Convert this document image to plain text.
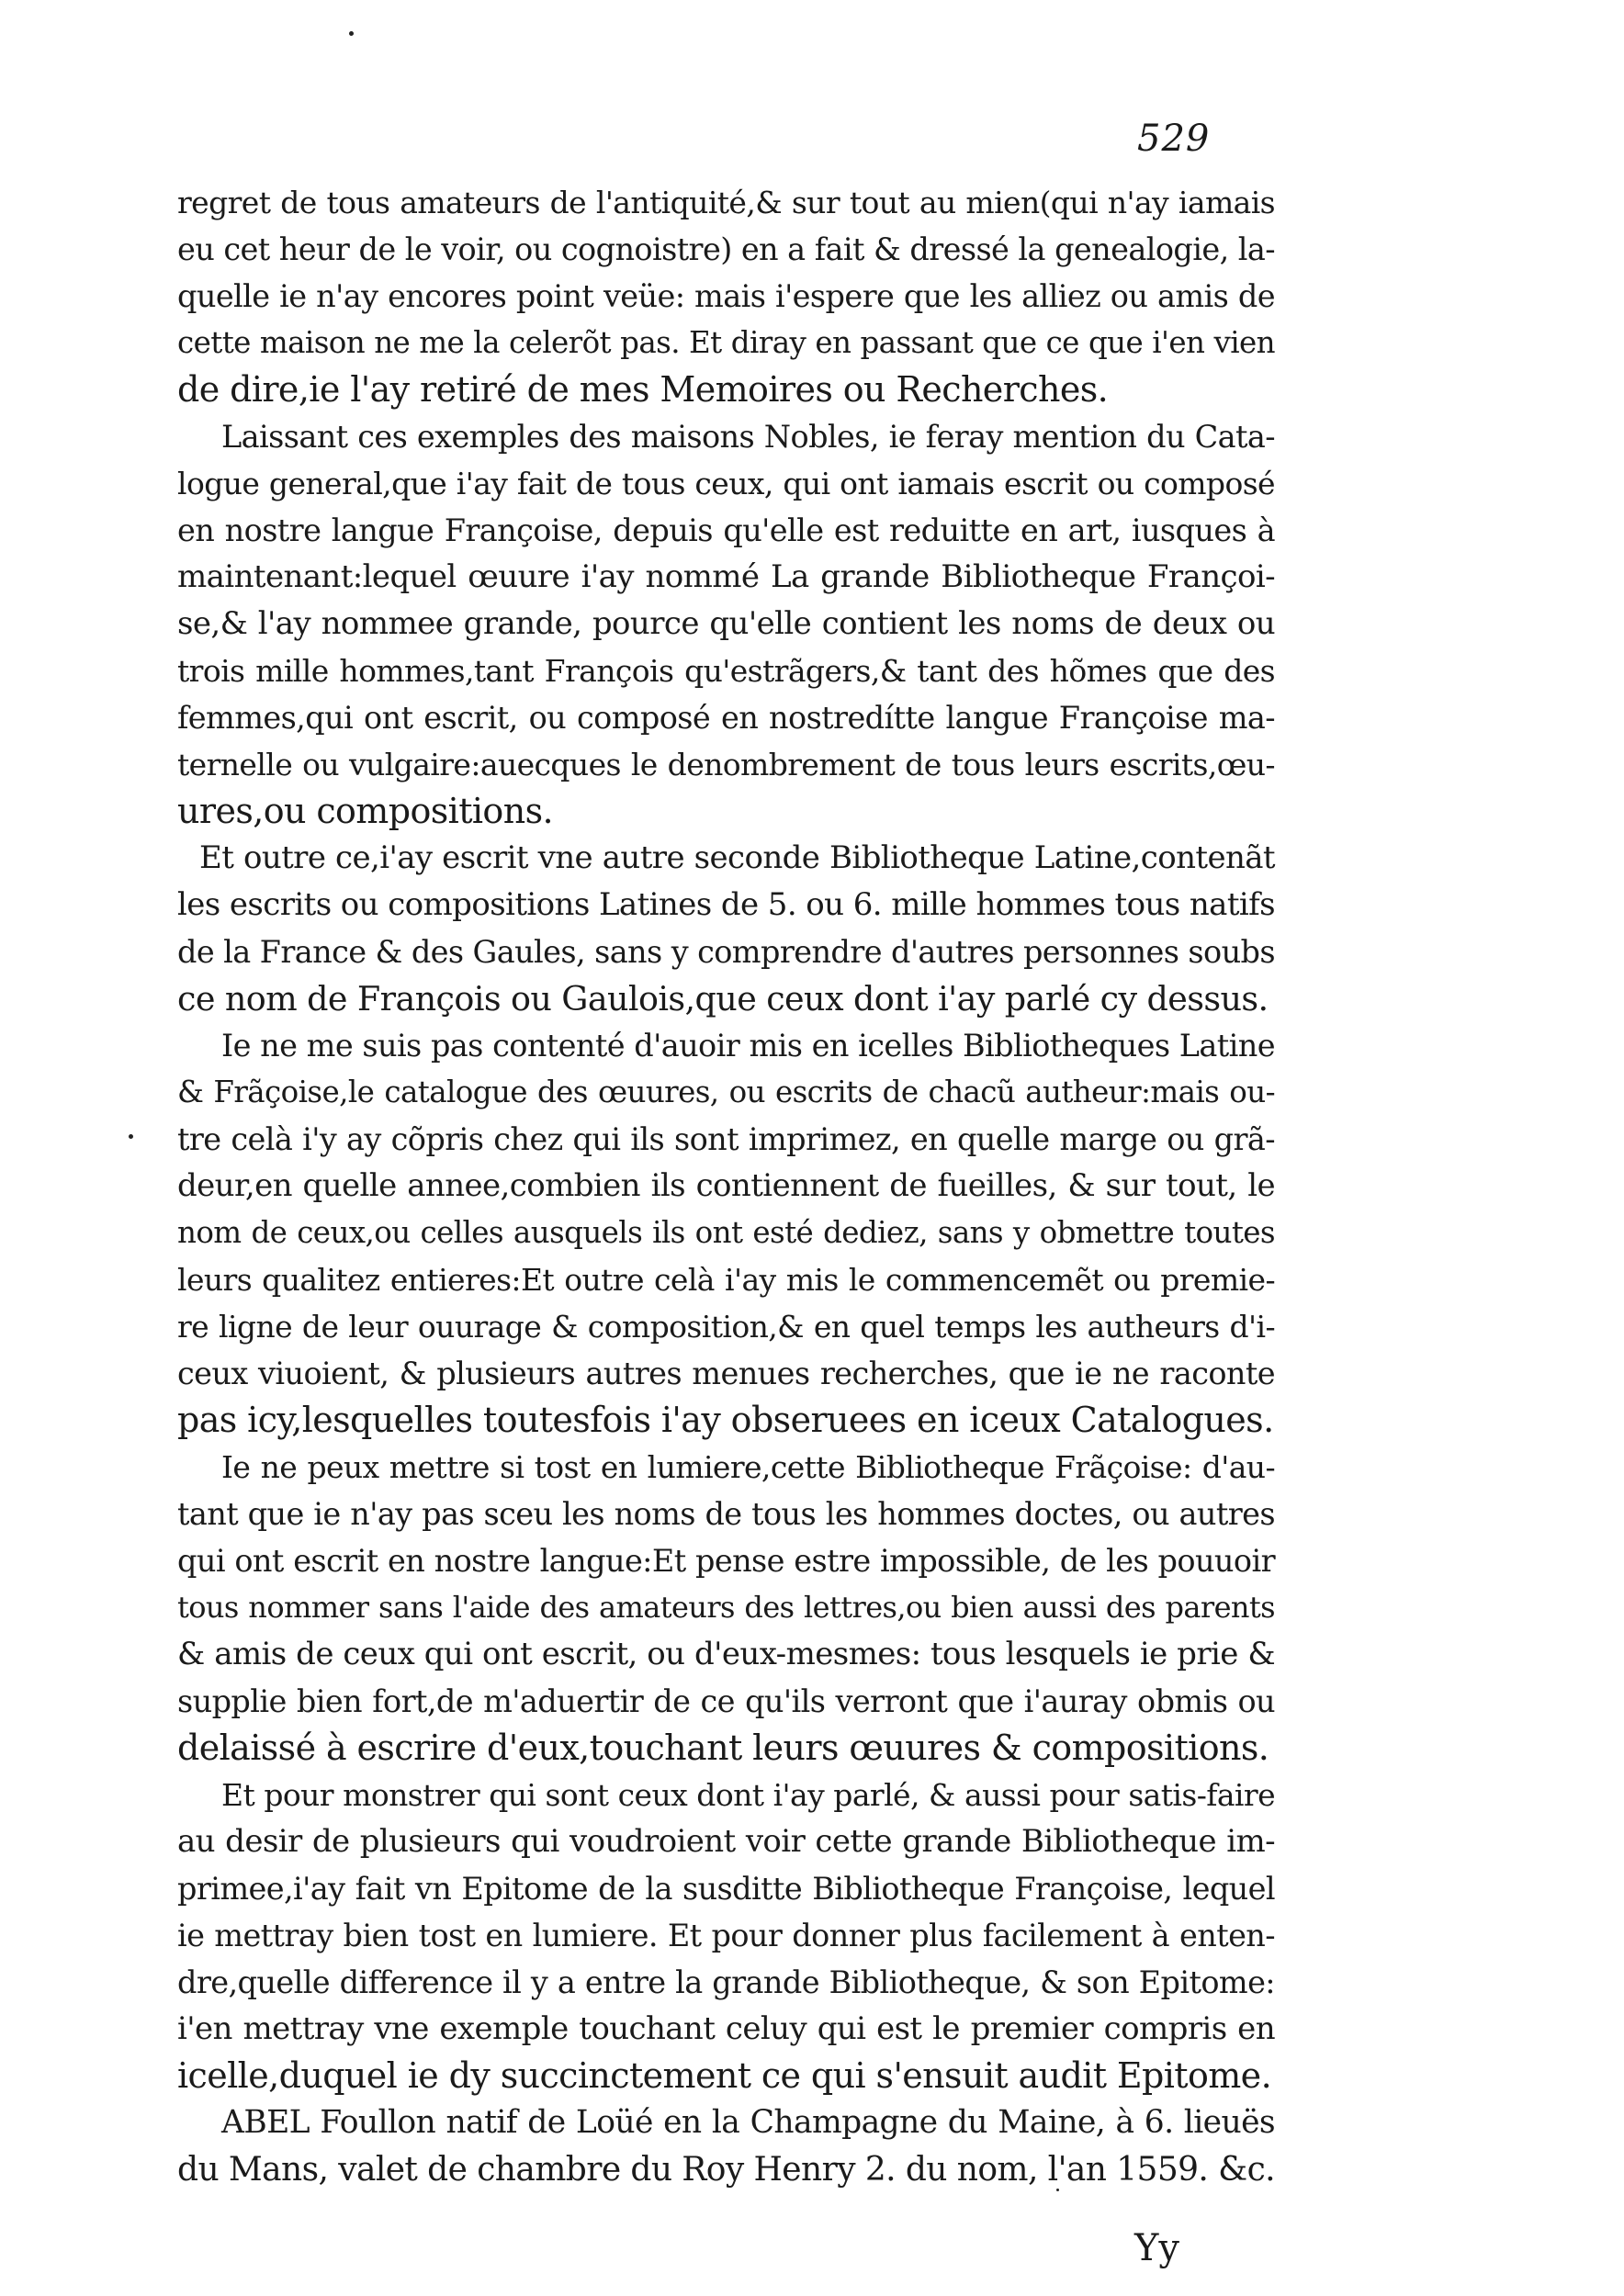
529
regret de tous amateurs de l'antiquité,& sur tout au mien(qui n'ay iamais
eu cet heur de le voir, ou cognoistre) en a fait & dressé la genealogie, la-
quelle ie n'ay encores point veüe: mais i'espere que les alliez ou amis de
cette maison ne me la celerõt pas. Et diray en passant que ce que i'en vien
de dire,ie l'ay retiré de mes Memoires ou Recherches.
Laissant ces exemples des maisons Nobles, ie feray mention du Cata-
logue general,que i'ay fait de tous ceux, qui ont iamais escrit ou composé
en nostre langue Françoise, depuis qu'elle est reduitte en art, iusques à
maintenant:lequel œuure i'ay nommé La grande Bibliotheque Françoi-
se,& l'ay nommee grande, pource qu'elle contient les noms de deux ou
trois mille hommes,tant François qu'estrãgers,& tant des hõmes que des
femmes,qui ont escrit, ou composé en nostredítte langue Françoise ma-
ternelle ou vulgaire:auecques le denombrement de tous leurs escrits,œu-
ures,ou compositions.
Et outre ce,i'ay escrit vne autre seconde Bibliotheque Latine,contenãt
les escrits ou compositions Latines de 5. ou 6. mille hommes tous natifs
de la France & des Gaules, sans y comprendre d'autres personnes soubs
ce nom de François ou Gaulois,que ceux dont i'ay parlé cy dessus.
Ie ne me suis pas contenté d'auoir mis en icelles Bibliotheques Latine
& Frãçoise,le catalogue des œuures, ou escrits de chacũ autheur:mais ou-
tre celà i'y ay cõpris chez qui ils sont imprimez, en quelle marge ou grã-
deur,en quelle annee,combien ils contiennent de fueilles, & sur tout, le
nom de ceux,ou celles ausquels ils ont esté dediez, sans y obmettre toutes
leurs qualitez entieres:Et outre celà i'ay mis le commencemẽt ou premie-
re ligne de leur ouurage & composition,& en quel temps les autheurs d'i-
ceux viuoient, & plusieurs autres menues recherches, que ie ne raconte
pas icy,lesquelles toutesfois i'ay obseruees en iceux Catalogues.
Ie ne peux mettre si tost en lumiere,cette Bibliotheque Frãçoise: d'au-
tant que ie n'ay pas sceu les noms de tous les hommes doctes, ou autres
qui ont escrit en nostre langue:Et pense estre impossible, de les pouuoir
tous nommer sans l'aide des amateurs des lettres,ou bien aussi des parents
& amis de ceux qui ont escrit, ou d'eux-mesmes: tous lesquels ie prie &
supplie bien fort,de m'aduertir de ce qu'ils verront que i'auray obmis ou
delaissé à escrire d'eux,touchant leurs œuures & compositions.
Et pour monstrer qui sont ceux dont i'ay parlé, & aussi pour satis-faire
au desir de plusieurs qui voudroient voir cette grande Bibliotheque im-
primee,i'ay fait vn Epitome de la susditte Bibliotheque Françoise, lequel
ie mettray bien tost en lumiere. Et pour donner plus facilement à enten-
dre,quelle difference il y a entre la grande Bibliotheque, & son Epitome:
i'en mettray vne exemple touchant celuy qui est le premier compris en
icelle,duquel ie dy succinctement ce qui s'ensuit audit Epitome.
ABEL Foullon natif de Loüé en la Champagne du Maine, à 6. lieuës
du Mans, valet de chambre du Roy Henry 2. du nom, l'an 1559. &c.
Yy
